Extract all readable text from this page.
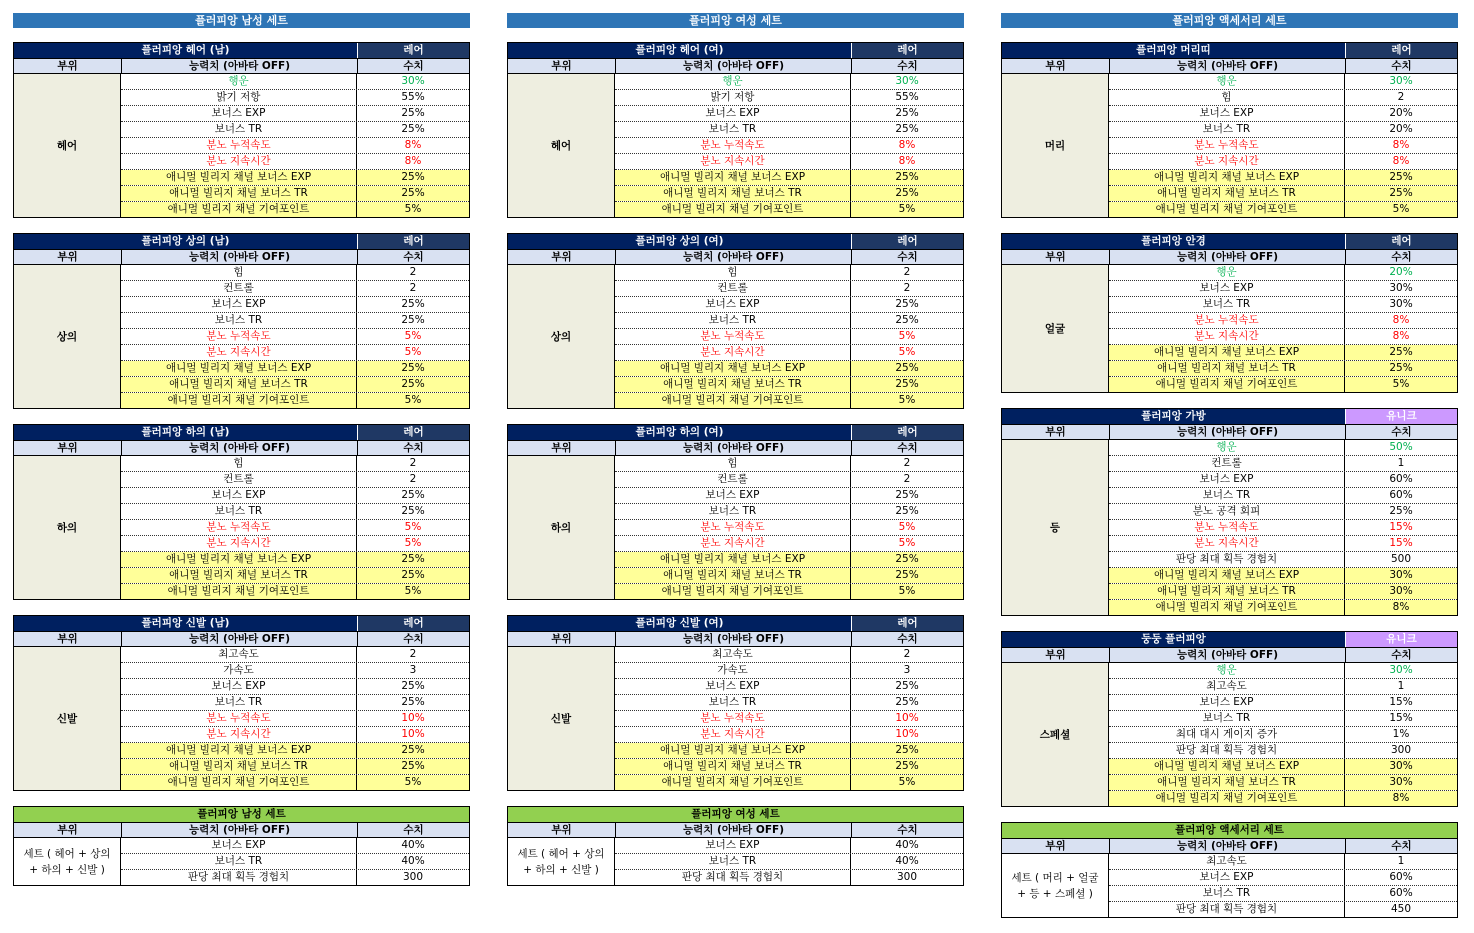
플러피앙 남성 세트
플러피앙 헤어 (남)	레어
부위	능력치 (아바타 OFF)	수치
헤어
행운	30%
밝기 저항	55%
보너스 EXP	25%
보너스 TR	25%
분노 누적속도	8%
분노 지속시간	8%
애니멀 빌리지 채널 보너스 EXP	25%
애니멀 빌리지 채널 보너스 TR	25%
애니멀 빌리지 채널 기여포인트	5%
플러피앙 상의 (남)	레어
부위	능력치 (아바타 OFF)	수치
상의
힘	2
컨트롤	2
보너스 EXP	25%
보너스 TR	25%
분노 누적속도	5%
분노 지속시간	5%
애니멀 빌리지 채널 보너스 EXP	25%
애니멀 빌리지 채널 보너스 TR	25%
애니멀 빌리지 채널 기여포인트	5%
플러피앙 하의 (남)	레어
부위	능력치 (아바타 OFF)	수치
하의
힘	2
컨트롤	2
보너스 EXP	25%
보너스 TR	25%
분노 누적속도	5%
분노 지속시간	5%
애니멀 빌리지 채널 보너스 EXP	25%
애니멀 빌리지 채널 보너스 TR	25%
애니멀 빌리지 채널 기여포인트	5%
플러피앙 신발 (남)	레어
부위	능력치 (아바타 OFF)	수치
신발
최고속도	2
가속도	3
보너스 EXP	25%
보너스 TR	25%
분노 누적속도	10%
분노 지속시간	10%
애니멀 빌리지 채널 보너스 EXP	25%
애니멀 빌리지 채널 보너스 TR	25%
애니멀 빌리지 채널 기여포인트	5%
플러피앙 남성 세트
부위	능력치 (아바타 OFF)	수치
세트 ( 헤어 + 상의 + 하의 + 신발 )
보너스 EXP	40%
보너스 TR	40%
판당 최대 획득 경험치	300
플러피앙 여성 세트
플러피앙 헤어 (여)	레어
부위	능력치 (아바타 OFF)	수치
헤어
행운	30%
밝기 저항	55%
보너스 EXP	25%
보너스 TR	25%
분노 누적속도	8%
분노 지속시간	8%
애니멀 빌리지 채널 보너스 EXP	25%
애니멀 빌리지 채널 보너스 TR	25%
애니멀 빌리지 채널 기여포인트	5%
플러피앙 상의 (여)	레어
부위	능력치 (아바타 OFF)	수치
상의
힘	2
컨트롤	2
보너스 EXP	25%
보너스 TR	25%
분노 누적속도	5%
분노 지속시간	5%
애니멀 빌리지 채널 보너스 EXP	25%
애니멀 빌리지 채널 보너스 TR	25%
애니멀 빌리지 채널 기여포인트	5%
플러피앙 하의 (여)	레어
부위	능력치 (아바타 OFF)	수치
하의
힘	2
컨트롤	2
보너스 EXP	25%
보너스 TR	25%
분노 누적속도	5%
분노 지속시간	5%
애니멀 빌리지 채널 보너스 EXP	25%
애니멀 빌리지 채널 보너스 TR	25%
애니멀 빌리지 채널 기여포인트	5%
플러피앙 신발 (여)	레어
부위	능력치 (아바타 OFF)	수치
신발
최고속도	2
가속도	3
보너스 EXP	25%
보너스 TR	25%
분노 누적속도	10%
분노 지속시간	10%
애니멀 빌리지 채널 보너스 EXP	25%
애니멀 빌리지 채널 보너스 TR	25%
애니멀 빌리지 채널 기여포인트	5%
플러피앙 여성 세트
부위	능력치 (아바타 OFF)	수치
세트 ( 헤어 + 상의 + 하의 + 신발 )
보너스 EXP	40%
보너스 TR	40%
판당 최대 획득 경험치	300
플러피앙 액세서리 세트
플러피앙 머리띠	레어
부위	능력치 (아바타 OFF)	수치
머리
행운	30%
힘	2
보너스 EXP	20%
보너스 TR	20%
분노 누적속도	8%
분노 지속시간	8%
애니멀 빌리지 채널 보너스 EXP	25%
애니멀 빌리지 채널 보너스 TR	25%
애니멀 빌리지 채널 기여포인트	5%
플러피앙 안경	레어
부위	능력치 (아바타 OFF)	수치
얼굴
행운	20%
보너스 EXP	30%
보너스 TR	30%
분노 누적속도	8%
분노 지속시간	8%
애니멀 빌리지 채널 보너스 EXP	25%
애니멀 빌리지 채널 보너스 TR	25%
애니멀 빌리지 채널 기여포인트	5%
플러피앙 가방	유니크
부위	능력치 (아바타 OFF)	수치
등
행운	50%
컨트롤	1
보너스 EXP	60%
보너스 TR	60%
분노 공격 회피	25%
분노 누적속도	15%
분노 지속시간	15%
판당 최대 획득 경험치	500
애니멀 빌리지 채널 보너스 EXP	30%
애니멀 빌리지 채널 보너스 TR	30%
애니멀 빌리지 채널 기여포인트	8%
둥둥 플러피앙	유니크
부위	능력치 (아바타 OFF)	수치
스페셜
행운	30%
최고속도	1
보너스 EXP	15%
보너스 TR	15%
최대 대시 게이지 증가	1%
판당 최대 획득 경험치	300
애니멀 빌리지 채널 보너스 EXP	30%
애니멀 빌리지 채널 보너스 TR	30%
애니멀 빌리지 채널 기여포인트	8%
플러피앙 액세서리 세트
부위	능력치 (아바타 OFF)	수치
세트 ( 머리 + 얼굴 + 등 + 스페셜 )
최고속도	1
보너스 EXP	60%
보너스 TR	60%
판당 최대 획득 경험치	450
